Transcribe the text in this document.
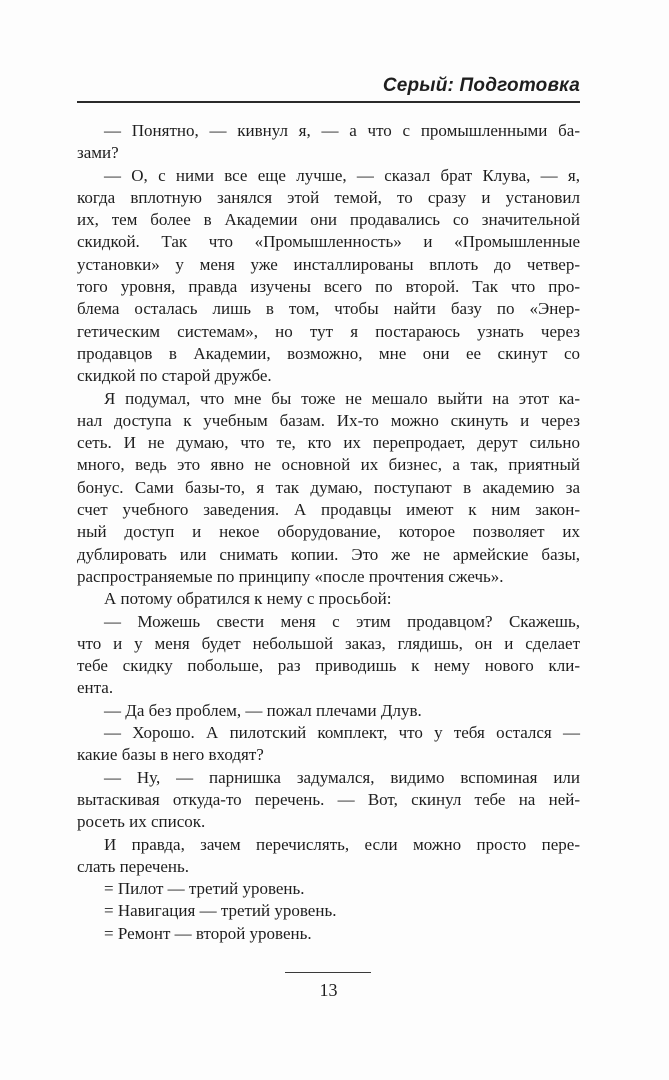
Серый: Подготовка
— Понятно, — кивнул я, — а что с промышленными ба-
зами?
— О, с ними все еще лучше, — сказал брат Клува, — я,
когда вплотную занялся этой темой, то сразу и установил
их, тем более в Академии они продавались со значительной
скидкой. Так что «Промышленность» и «Промышленные
установки» у меня уже инсталлированы вплоть до четвер-
того уровня, правда изучены всего по второй. Так что про-
блема осталась лишь в том, чтобы найти базу по «Энер-
гетическим системам», но тут я постараюсь узнать через
продавцов в Академии, возможно, мне они ее скинут со
скидкой по старой дружбе.
Я подумал, что мне бы тоже не мешало выйти на этот ка-
нал доступа к учебным базам. Их-то можно скинуть и через
сеть. И не думаю, что те, кто их перепродает, дерут сильно
много, ведь это явно не основной их бизнес, а так, приятный
бонус. Сами базы-то, я так думаю, поступают в академию за
счет учебного заведения. А продавцы имеют к ним закон-
ный доступ и некое оборудование, которое позволяет их
дублировать или снимать копии. Это же не армейские базы,
распространяемые по принципу «после прочтения сжечь».
А потому обратился к нему с просьбой:
— Можешь свести меня с этим продавцом? Скажешь,
что и у меня будет небольшой заказ, глядишь, он и сделает
тебе скидку побольше, раз приводишь к нему нового кли-
ента.
— Да без проблем, — пожал плечами Длув.
— Хорошо. А пилотский комплект, что у тебя остался —
какие базы в него входят?
— Ну, — парнишка задумался, видимо вспоминая или
вытаскивая откуда-то перечень. — Вот, скинул тебе на ней-
росеть их список.
И правда, зачем перечислять, если можно просто пере-
слать перечень.
= Пилот — третий уровень.
= Навигация — третий уровень.
= Ремонт — второй уровень.
13
